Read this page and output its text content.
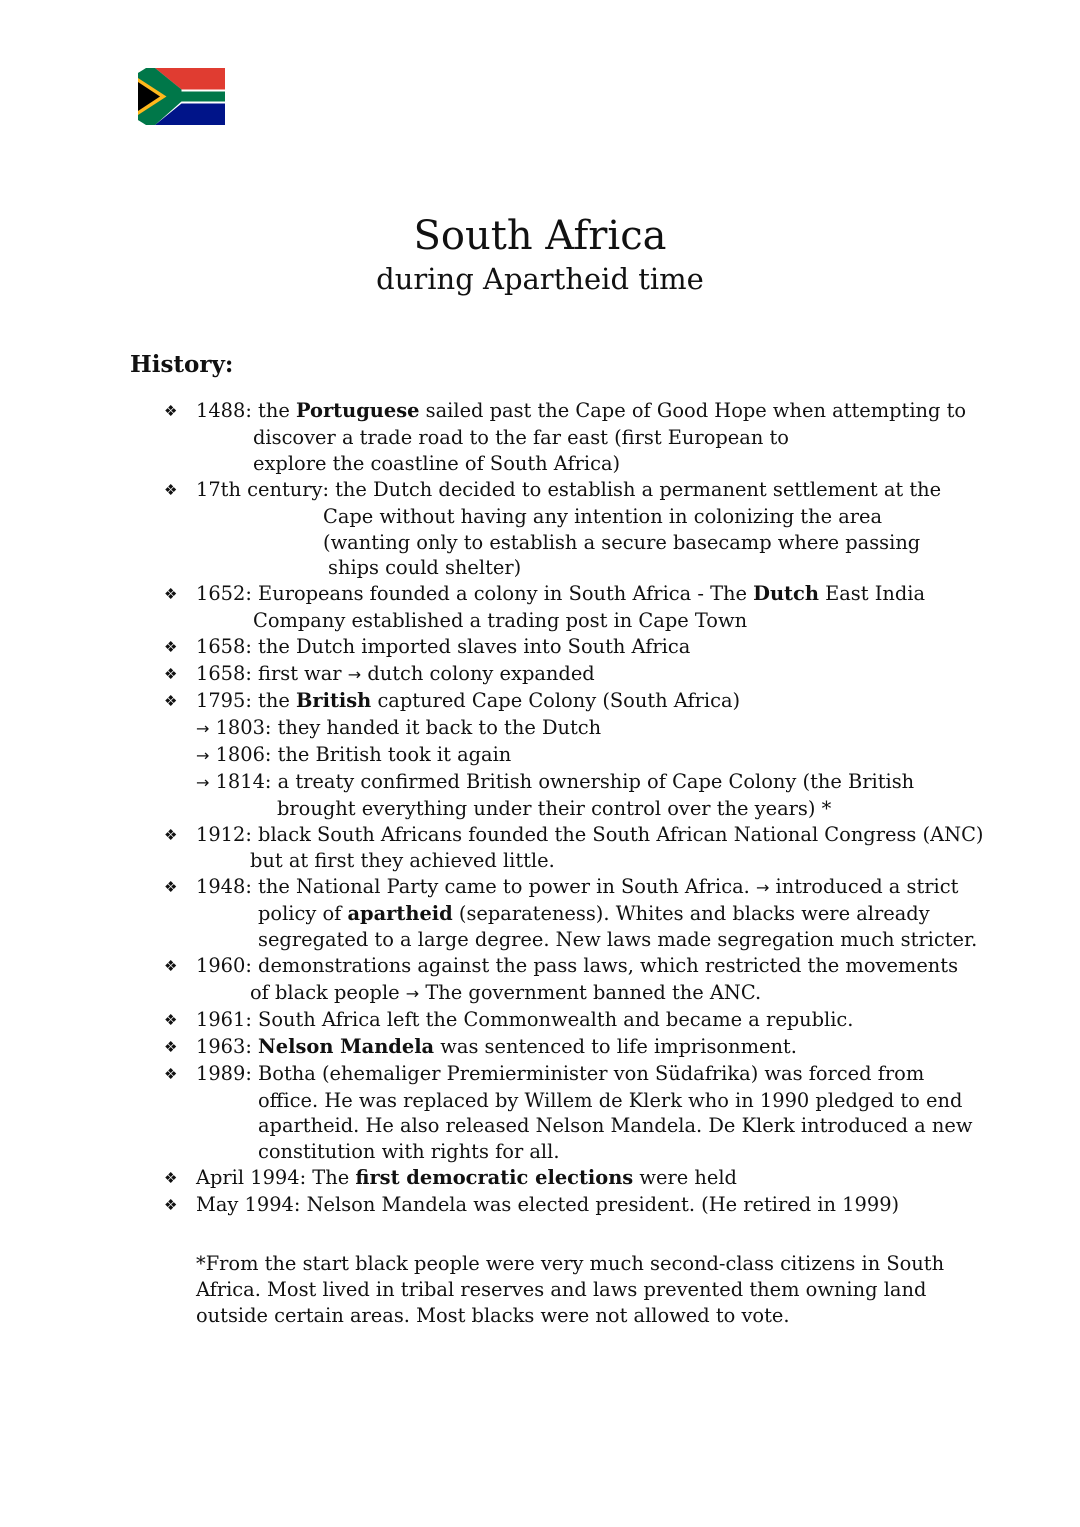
South Africa
during Apartheid time
History:
❖ 1488: the Portuguese sailed past the Cape of Good Hope when attempting to
discover a trade road to the far east (first European to
explore the coastline of South Africa)
❖ 17th century: the Dutch decided to establish a permanent settlement at the
Cape without having any intention in colonizing the area
(wanting only to establish a secure basecamp where passing
ships could shelter)
❖ 1652: Europeans founded a colony in South Africa - The Dutch East India
Company established a trading post in Cape Town
❖ 1658: the Dutch imported slaves into South Africa
❖ 1658: first war → dutch colony expanded
❖ 1795: the British captured Cape Colony (South Africa)
→ 1803: they handed it back to the Dutch
→ 1806: the British took it again
→ 1814: a treaty confirmed British ownership of Cape Colony (the British
brought everything under their control over the years) *
❖ 1912: black South Africans founded the South African National Congress (ANC)
but at first they achieved little.
❖ 1948: the National Party came to power in South Africa. → introduced a strict
policy of apartheid (separateness). Whites and blacks were already
segregated to a large degree. New laws made segregation much stricter.
❖ 1960: demonstrations against the pass laws, which restricted the movements
of black people → The government banned the ANC.
❖ 1961: South Africa left the Commonwealth and became a republic.
❖ 1963: Nelson Mandela was sentenced to life imprisonment.
❖ 1989: Botha (ehemaliger Premierminister von Südafrika) was forced from
office. He was replaced by Willem de Klerk who in 1990 pledged to end
apartheid. He also released Nelson Mandela. De Klerk introduced a new
constitution with rights for all.
❖ April 1994: The first democratic elections were held
❖ May 1994: Nelson Mandela was elected president. (He retired in 1999)

*From the start black people were very much second-class citizens in South
Africa. Most lived in tribal reserves and laws prevented them owning land
outside certain areas. Most blacks were not allowed to vote.
